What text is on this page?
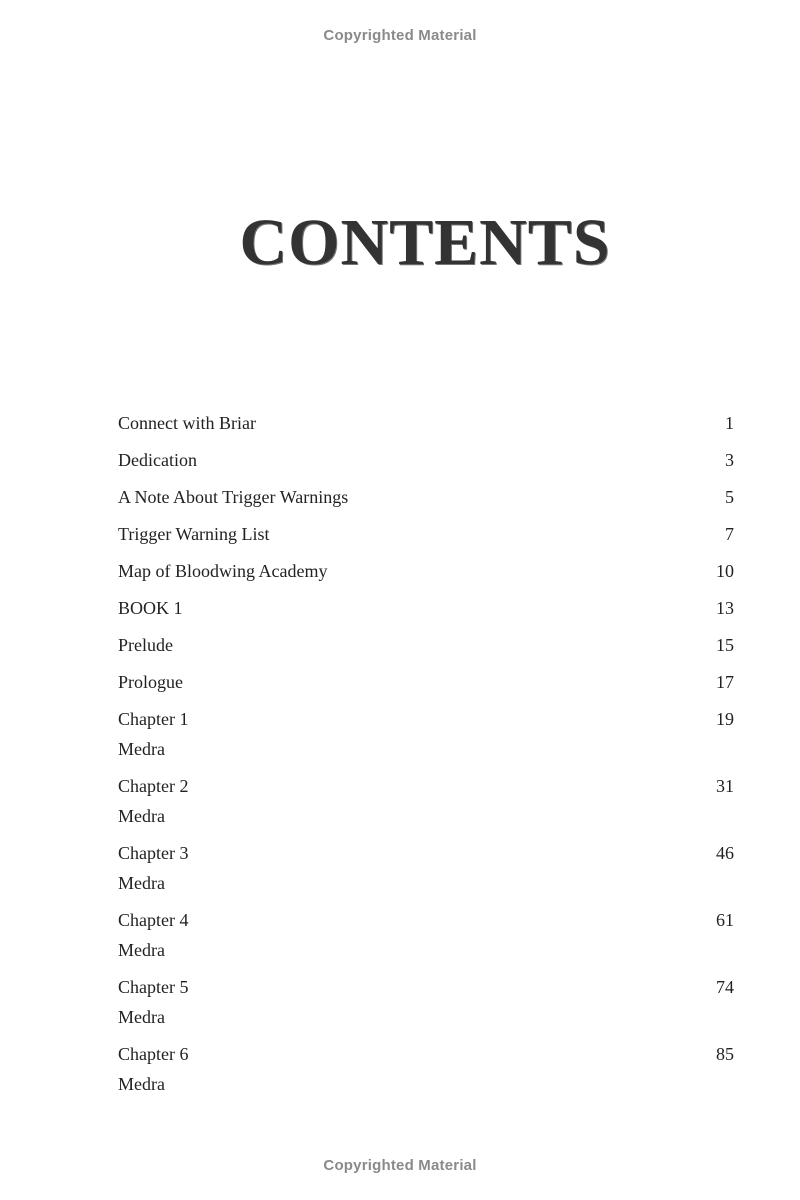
Copyrighted Material
CONTENTS
Connect with Briar	1
Dedication	3
A Note About Trigger Warnings	5
Trigger Warning List	7
Map of Bloodwing Academy	10
BOOK 1	13
Prelude	15
Prologue	17
Chapter 1	19
Medra
Chapter 2	31
Medra
Chapter 3	46
Medra
Chapter 4	61
Medra
Chapter 5	74
Medra
Chapter 6	85
Medra
Copyrighted Material
